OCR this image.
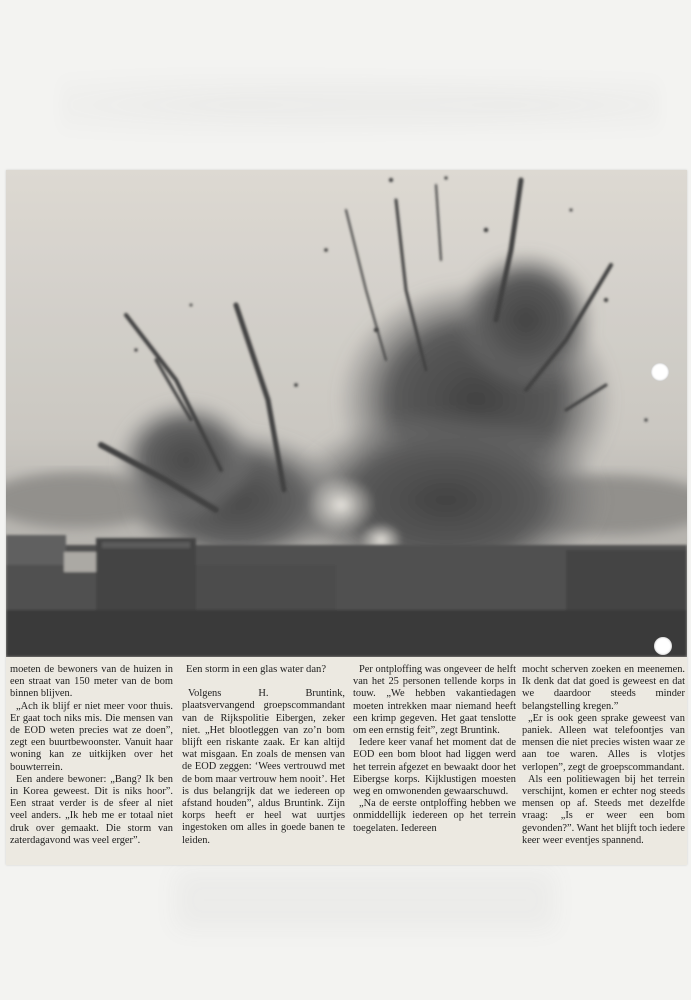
moeten de bewoners van de huizen in een straat van 150 meter van de bom binnen blijven.

„Ach ik blijf er niet meer voor thuis. Er gaat toch niks mis. Die mensen van de EOD weten precies wat ze doen”, zegt een buurtbewoonster. Vanuit haar woning kan ze uitkijken over het bouwterrein.

Een andere bewoner: „Bang? Ik ben in Korea geweest. Dit is niks hoor”. Een straat verder is de sfeer al niet veel anders. „Ik heb me er totaal niet druk over gemaakt. Die storm van zaterdagavond was veel erger”.

Een storm in een glas water dan?

Volgens H. Bruntink, plaatsvervangend groepscommandant van de Rijkspolitie Eibergen, zeker niet. „Het blootleggen van zo’n bom blijft een riskante zaak. Er kan altijd wat misgaan. En zoals de mensen van de EOD zeggen: ‘Wees vertrouwd met de bom maar vertrouw hem nooit’. Het is dus belangrijk dat we iedereen op afstand houden”, aldus Bruntink. Zijn korps heeft er heel wat uurtjes ingestoken om alles in goede banen te leiden.

Per ontploffing was ongeveer de helft van het 25 personen tellende korps in touw. „We hebben vakantiedagen moeten intrekken maar niemand heeft een krimp gegeven. Het gaat tenslotte om een ernstig feit”, zegt Bruntink.

Iedere keer vanaf het moment dat de EOD een bom bloot had liggen werd het terrein afgezet en bewaakt door het Eibergse korps. Kijklustigen moesten weg en omwonenden gewaarschuwd.

„Na de eerste ontploffing hebben we onmiddellijk iedereen op het terrein toegelaten. Iedereen

mocht scherven zoeken en meenemen. Ik denk dat dat goed is geweest en dat we daardoor steeds minder belangstelling kregen.”

„Er is ook geen sprake geweest van paniek. Alleen wat telefoontjes van mensen die niet precies wisten waar ze aan toe waren. Alles is vlotjes verlopen”, zegt de groepscommandant.

Als een politiewagen bij het terrein verschijnt, komen er echter nog steeds mensen op af. Steeds met dezelfde vraag: „Is er weer een bom gevonden?”. Want het blijft toch iedere keer weer eventjes spannend.
